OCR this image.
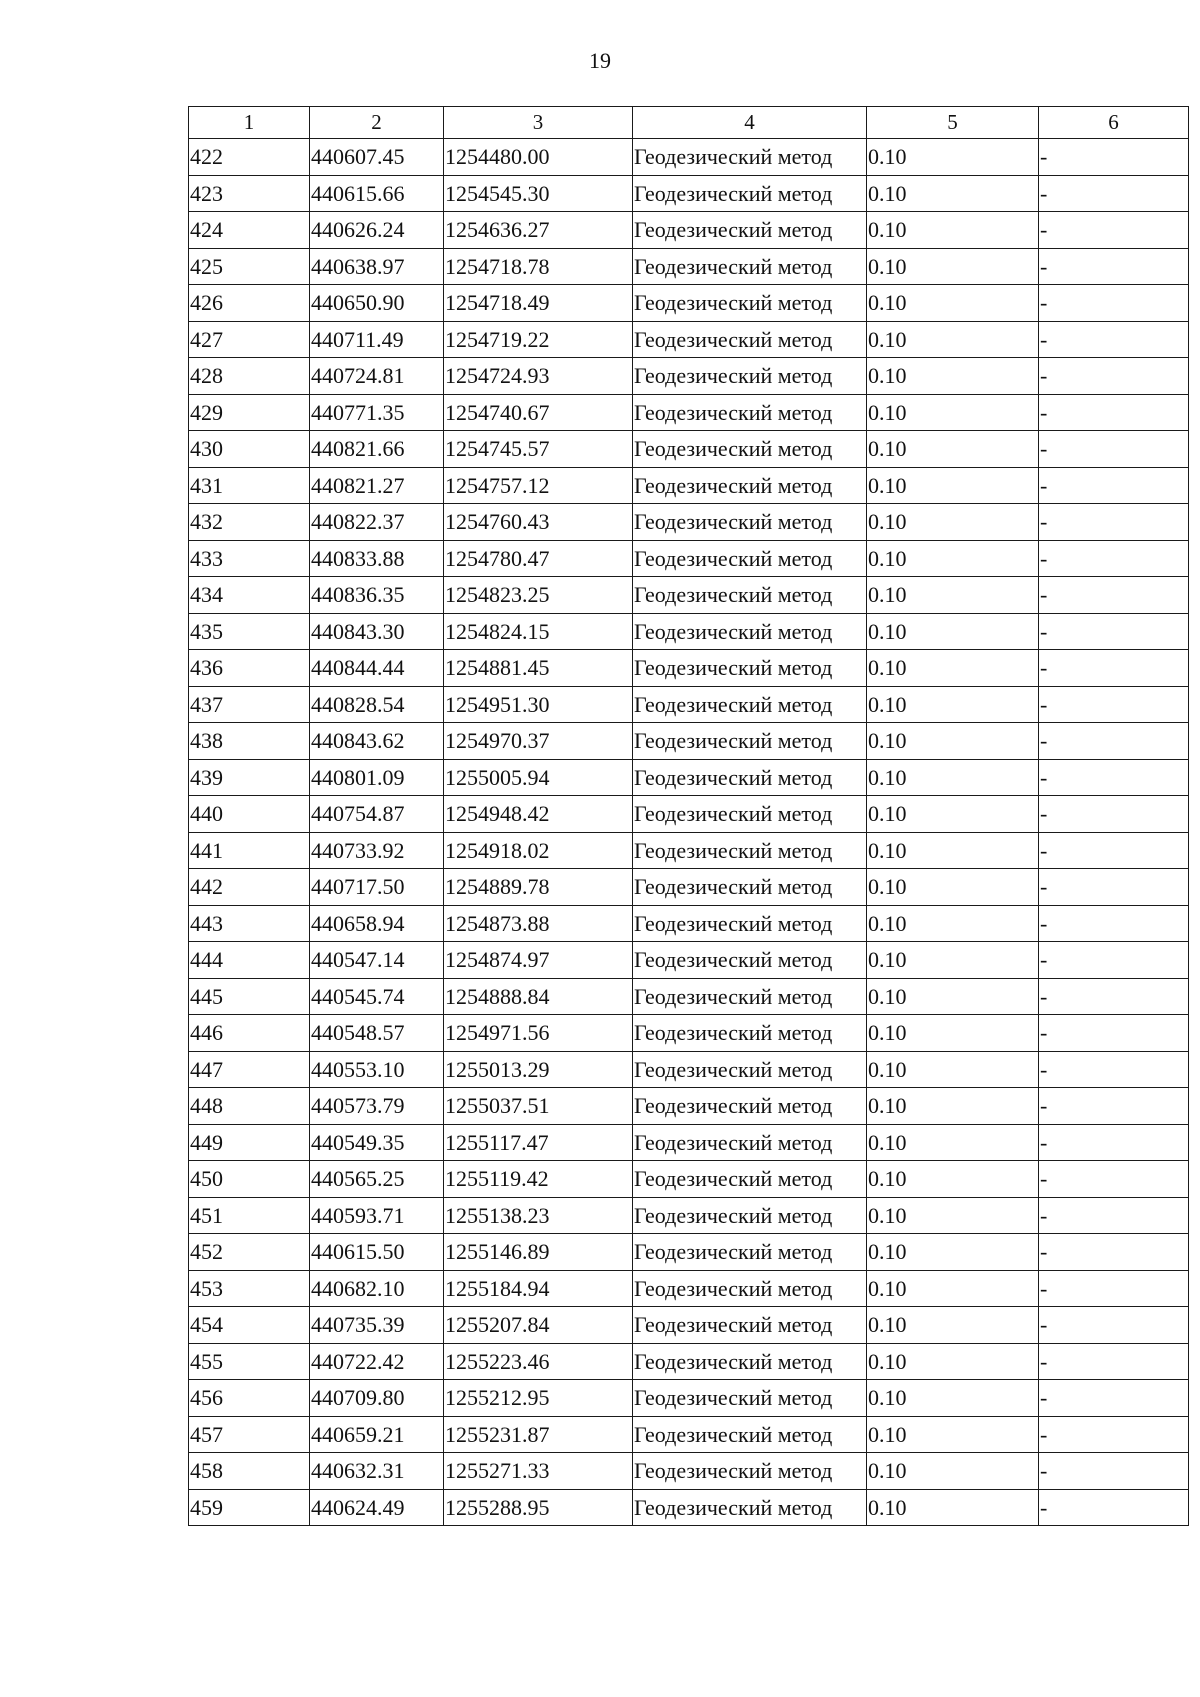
19
1	2	3	4	5	6
422	440607.45	1254480.00	Геодезический метод	0.10	-
423	440615.66	1254545.30	Геодезический метод	0.10	-
424	440626.24	1254636.27	Геодезический метод	0.10	-
425	440638.97	1254718.78	Геодезический метод	0.10	-
426	440650.90	1254718.49	Геодезический метод	0.10	-
427	440711.49	1254719.22	Геодезический метод	0.10	-
428	440724.81	1254724.93	Геодезический метод	0.10	-
429	440771.35	1254740.67	Геодезический метод	0.10	-
430	440821.66	1254745.57	Геодезический метод	0.10	-
431	440821.27	1254757.12	Геодезический метод	0.10	-
432	440822.37	1254760.43	Геодезический метод	0.10	-
433	440833.88	1254780.47	Геодезический метод	0.10	-
434	440836.35	1254823.25	Геодезический метод	0.10	-
435	440843.30	1254824.15	Геодезический метод	0.10	-
436	440844.44	1254881.45	Геодезический метод	0.10	-
437	440828.54	1254951.30	Геодезический метод	0.10	-
438	440843.62	1254970.37	Геодезический метод	0.10	-
439	440801.09	1255005.94	Геодезический метод	0.10	-
440	440754.87	1254948.42	Геодезический метод	0.10	-
441	440733.92	1254918.02	Геодезический метод	0.10	-
442	440717.50	1254889.78	Геодезический метод	0.10	-
443	440658.94	1254873.88	Геодезический метод	0.10	-
444	440547.14	1254874.97	Геодезический метод	0.10	-
445	440545.74	1254888.84	Геодезический метод	0.10	-
446	440548.57	1254971.56	Геодезический метод	0.10	-
447	440553.10	1255013.29	Геодезический метод	0.10	-
448	440573.79	1255037.51	Геодезический метод	0.10	-
449	440549.35	1255117.47	Геодезический метод	0.10	-
450	440565.25	1255119.42	Геодезический метод	0.10	-
451	440593.71	1255138.23	Геодезический метод	0.10	-
452	440615.50	1255146.89	Геодезический метод	0.10	-
453	440682.10	1255184.94	Геодезический метод	0.10	-
454	440735.39	1255207.84	Геодезический метод	0.10	-
455	440722.42	1255223.46	Геодезический метод	0.10	-
456	440709.80	1255212.95	Геодезический метод	0.10	-
457	440659.21	1255231.87	Геодезический метод	0.10	-
458	440632.31	1255271.33	Геодезический метод	0.10	-
459	440624.49	1255288.95	Геодезический метод	0.10	-
